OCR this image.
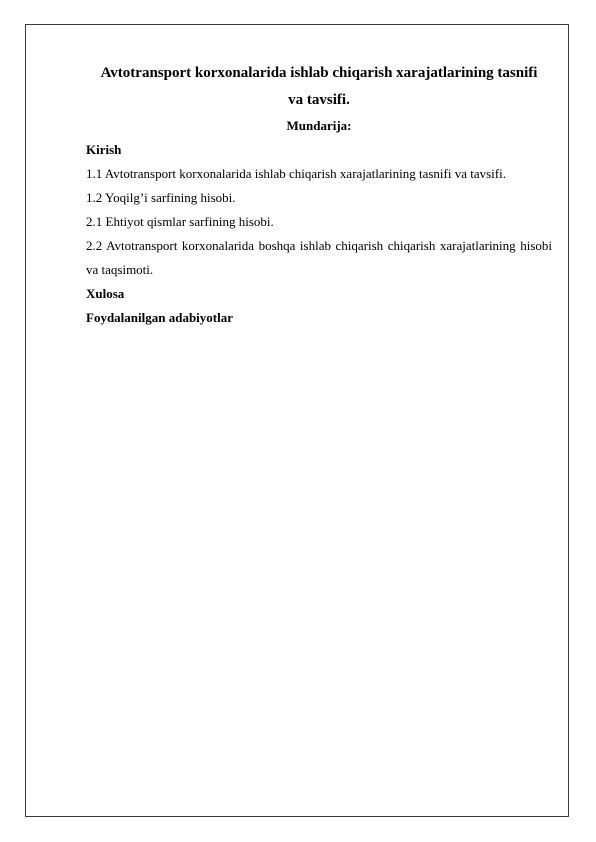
Avtotransport korxonalarida ishlab chiqarish xarajatlarining tasnifi

va tavsifi.

Mundarija:

Kirish

1.1 Avtotransport korxonalarida ishlab chiqarish xarajatlarining tasnifi va tavsifi.

1.2 Yoqilg’i sarfining hisobi.

2.1 Ehtiyot qismlar sarfining hisobi.

2.2 Avtotransport korxonalarida boshqa ishlab chiqarish chiqarish xarajatlarining hisobi va taqsimoti.

Xulosa

Foydalanilgan adabiyotlar
